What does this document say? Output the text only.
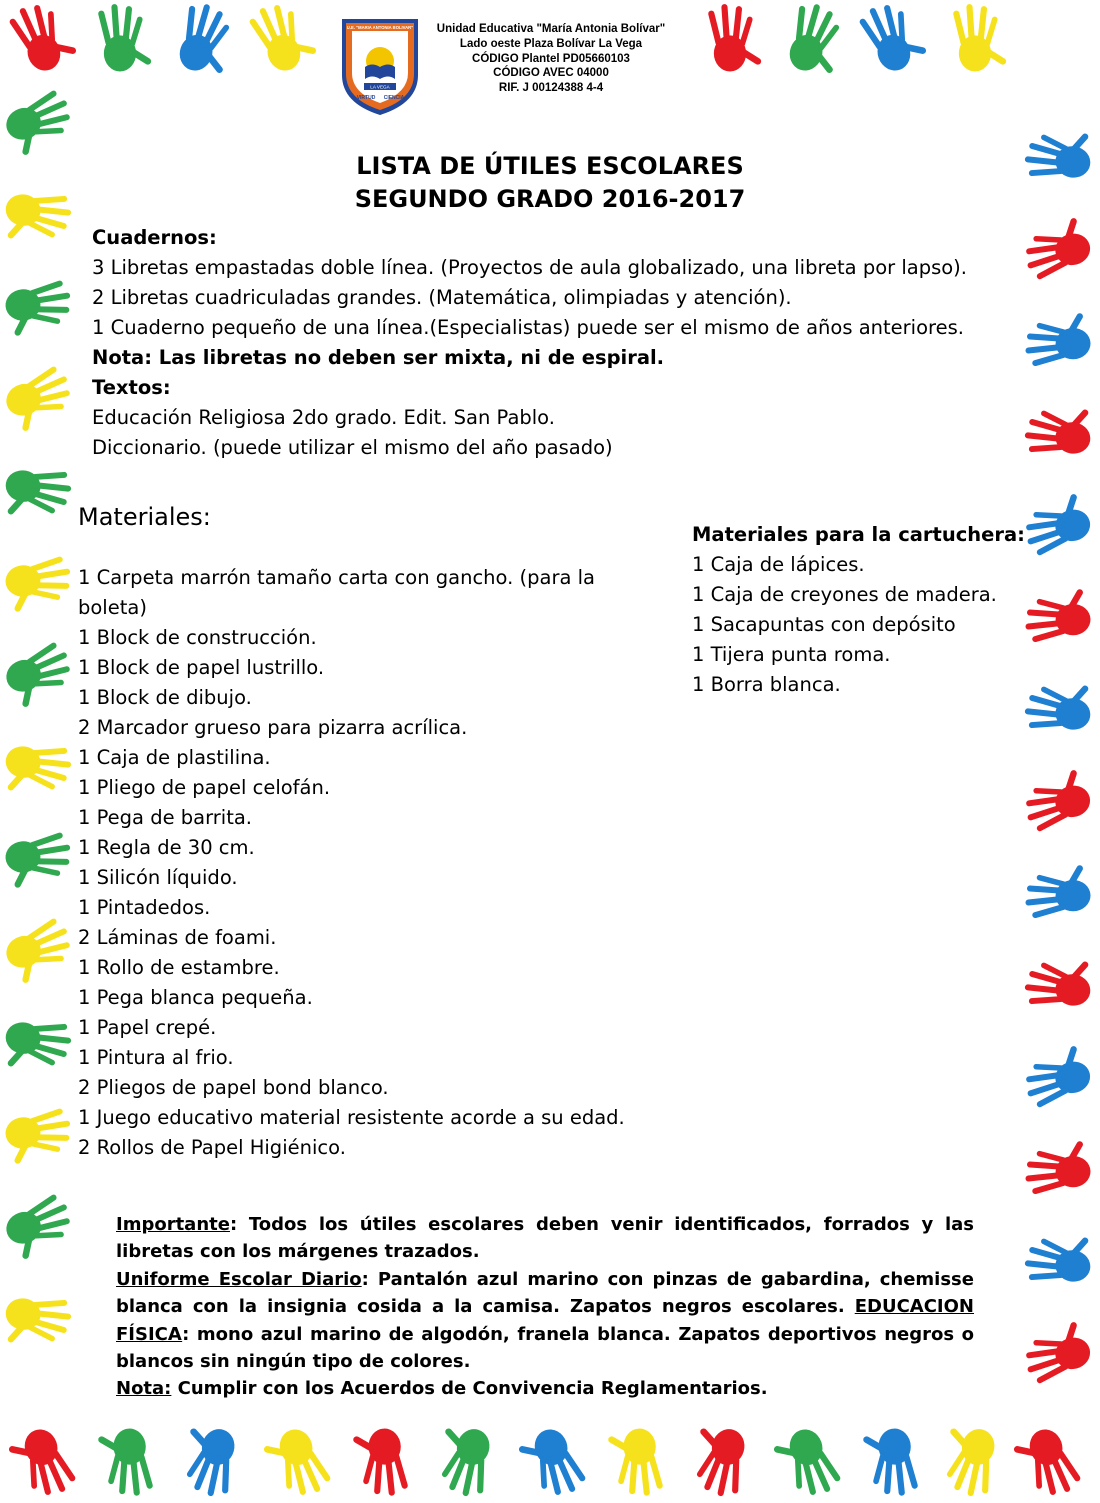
U.E. "MARIA ANTONIA BOLIVAR"
LA VEGA
VIRTUD CIENCIA
Unidad Educativa "María Antonia Bolívar"
Lado oeste Plaza Bolívar La Vega
CÓDIGO Plantel PD05660103
CÓDIGO AVEC 04000
RIF. J 00124388 4-4
LISTA DE ÚTILES ESCOLARES
SEGUNDO GRADO 2016-2017
Cuadernos:
3 Libretas empastadas doble línea. (Proyectos de aula globalizado, una libreta por lapso).
2 Libretas cuadriculadas grandes. (Matemática, olimpiadas y atención).
1 Cuaderno pequeño de una línea.(Especialistas) puede ser el mismo de años anteriores.
Nota: Las libretas no deben ser mixta, ni de espiral.
Textos:
Educación Religiosa 2do grado. Edit. San Pablo.
Diccionario. (puede utilizar el mismo del año pasado)
Materiales:
1 Carpeta marrón tamaño carta con gancho. (para la boleta)
1 Block de construcción.
1 Block de papel lustrillo.
1 Block de dibujo.
2 Marcador grueso para pizarra acrílica.
1 Caja de plastilina.
1 Pliego de papel celofán.
1 Pega de barrita.
1 Regla de 30 cm.
1 Silicón líquido.
1 Pintadedos.
2 Láminas de foami.
1 Rollo de estambre.
1 Pega blanca pequeña.
1 Papel crepé.
1 Pintura al frio.
2 Pliegos de papel bond blanco.
1 Juego educativo material resistente acorde a su edad.
2 Rollos de Papel Higiénico.
Materiales para la cartuchera:
1 Caja de lápices.
1 Caja de creyones de madera.
1 Sacapuntas con depósito
1 Tijera punta roma.
1 Borra blanca.

Importante: Todos los útiles escolares deben venir identificados, forrados y las libretas con los márgenes trazados.

Uniforme Escolar Diario: Pantalón azul marino con pinzas de gabardina, chemisse blanca con la insignia cosida a la camisa. Zapatos negros escolares. EDUCACION FÍSICA: mono azul marino de algodón, franela blanca. Zapatos deportivos negros o blancos sin ningún tipo de colores.

Nota: Cumplir con los Acuerdos de Convivencia Reglamentarios.
